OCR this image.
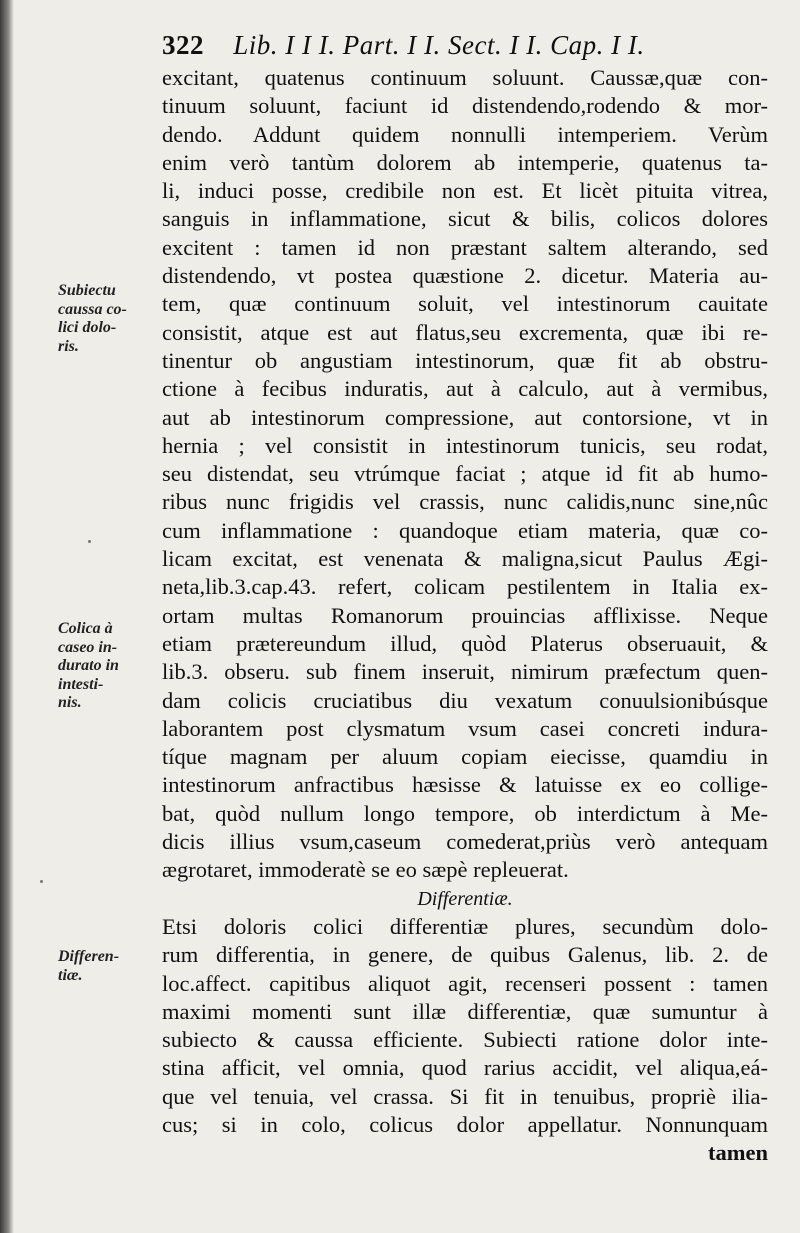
322 Lib. I I I. Part. I I. Sect. I I. Cap. I I.
Subiectu
caussa co-
lici dolo-
ris.
Colica à
caseo in-
durato in
intesti-
nis.
Differen-
tiæ.
excitant, quatenus continuum soluunt. Caussæ,quæ con-
tinuum soluunt, faciunt id distendendo,rodendo & mor-
dendo. Addunt quidem nonnulli intemperiem. Verùm
enim verò tantùm dolorem ab intemperie, quatenus ta-
li, induci posse, credibile non est. Et licèt pituita vitrea,
sanguis in inflammatione, sicut & bilis, colicos dolores
excitent : tamen id non præstant saltem alterando, sed
distendendo, vt postea quæstione 2. dicetur. Materia au-
tem, quæ continuum soluit, vel intestinorum cauitate
consistit, atque est aut flatus,seu excrementa, quæ ibi re-
tinentur ob angustiam intestinorum, quæ fit ab obstru-
ctione à fecibus induratis, aut à calculo, aut à vermibus,
aut ab intestinorum compressione, aut contorsione, vt in
hernia ; vel consistit in intestinorum tunicis, seu rodat,
seu distendat, seu vtrúmque faciat ; atque id fit ab humo-
ribus nunc frigidis vel crassis, nunc calidis,nunc sine,nûc
cum inflammatione : quandoque etiam materia, quæ co-
licam excitat, est venenata & maligna,sicut Paulus Ægi-
neta,lib.3.cap.43. refert, colicam pestilentem in Italia ex-
ortam multas Romanorum prouincias afflixisse. Neque
etiam prætereundum illud, quòd Platerus obseruauit, &
lib.3. obseru. sub finem inseruit, nimirum præfectum quen-
dam colicis cruciatibus diu vexatum conuulsionibúsque
laborantem post clysmatum vsum casei concreti indura-
tíque magnam per aluum copiam eiecisse, quamdiu in
intestinorum anfractibus hæsisse & latuisse ex eo collige-
bat, quòd nullum longo tempore, ob interdictum à Me-
dicis illius vsum,caseum comederat,priùs verò antequam
ægrotaret, immoderatè se eo sæpè repleuerat.
Differentiæ.
Etsi doloris colici differentiæ plures, secundùm dolo-
rum differentia, in genere, de quibus Galenus, lib. 2. de
loc.affect. capitibus aliquot agit, recenseri possent : tamen
maximi momenti sunt illæ differentiæ, quæ sumuntur à
subiecto & caussa efficiente. Subiecti ratione dolor inte-
stina afficit, vel omnia, quod rarius accidit, vel aliqua,eá-
que vel tenuia, vel crassa. Si fit in tenuibus, propriè ilia-
cus; si in colo, colicus dolor appellatur. Nonnunquam
tamen
